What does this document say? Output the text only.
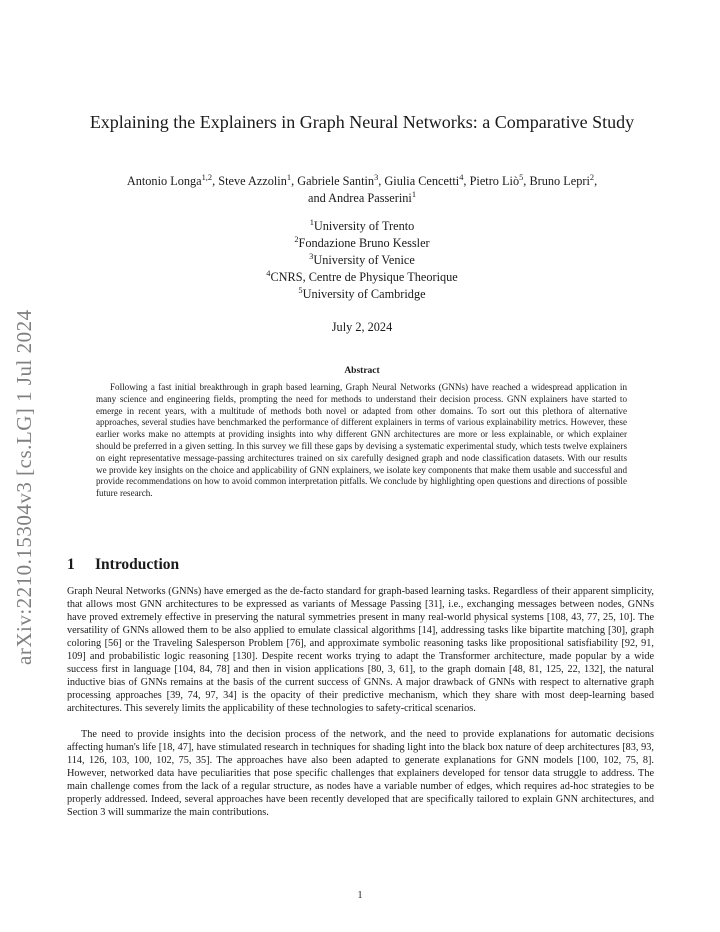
arXiv:2210.15304v3 [cs.LG] 1 Jul 2024
Explaining the Explainers in Graph Neural Networks: a Comparative Study
Antonio Longa$^{1,2}$, Steve Azzolin$^1$, Gabriele Santin$^3$, Giulia Cencetti$^4$, Pietro Liò$^5$, Bruno Lepri$^2$,
and Andrea Passerini$^1$
$^1$University of Trento
$^2$Fondazione Bruno Kessler
$^3$University of Venice
$^4$CNRS, Centre de Physique Theorique
$^5$University of Cambridge
July 2, 2024
Abstract
Following a fast initial breakthrough in graph based learning, Graph Neural Networks (GNNs) have reached a widespread application in many science and engineering fields, prompting the need for methods to understand their decision process. GNN explainers have started to emerge in recent years, with a multitude of methods both novel or adapted from other domains. To sort out this plethora of alternative approaches, several studies have benchmarked the performance of different explainers in terms of various explainability metrics. However, these earlier works make no attempts at providing insights into why different GNN architectures are more or less explainable, or which explainer should be preferred in a given setting. In this survey we fill these gaps by devising a systematic experimental study, which tests twelve explainers on eight representative message-passing architectures trained on six carefully designed graph and node classification datasets. With our results we provide key insights on the choice and applicability of GNN explainers, we isolate key components that make them usable and successful and provide recommendations on how to avoid common interpretation pitfalls. We conclude by highlighting open questions and directions of possible future research.
1 Introduction
Graph Neural Networks (GNNs) have emerged as the de-facto standard for graph-based learning tasks. Regardless of their apparent simplicity, that allows most GNN architectures to be expressed as variants of Message Passing [31], i.e., exchanging messages between nodes, GNNs have proved extremely effective in preserving the natural symmetries present in many real-world physical systems [108, 43, 77, 25, 10]. The versatility of GNNs allowed them to be also applied to emulate classical algorithms [14], addressing tasks like bipartite matching [30], graph coloring [56] or the Traveling Salesperson Problem [76], and approximate symbolic reasoning tasks like propositional satisfiability [92, 91, 109] and probabilistic logic reasoning [130]. Despite recent works trying to adapt the Transformer architecture, made popular by a wide success first in language [104, 84, 78] and then in vision applications [80, 3, 61], to the graph domain [48, 81, 125, 22, 132], the natural inductive bias of GNNs remains at the basis of the current success of GNNs. A major drawback of GNNs with respect to alternative graph processing approaches [39, 74, 97, 34] is the opacity of their predictive mechanism, which they share with most deep-learning based architectures. This severely limits the applicability of these technologies to safety-critical scenarios.
The need to provide insights into the decision process of the network, and the need to provide explanations for automatic decisions affecting human's life [18, 47], have stimulated research in techniques for shading light into the black box nature of deep architectures [83, 93, 114, 126, 103, 100, 102, 75, 35]. The approaches have also been adapted to generate explanations for GNN models [100, 102, 75, 8]. However, networked data have peculiarities that pose specific challenges that explainers developed for tensor data struggle to address. The main challenge comes from the lack of a regular structure, as nodes have a variable number of edges, which requires ad-hoc strategies to be properly addressed. Indeed, several approaches have been recently developed that are specifically tailored to explain GNN architectures, and Section 3 will summarize the main contributions.
1
